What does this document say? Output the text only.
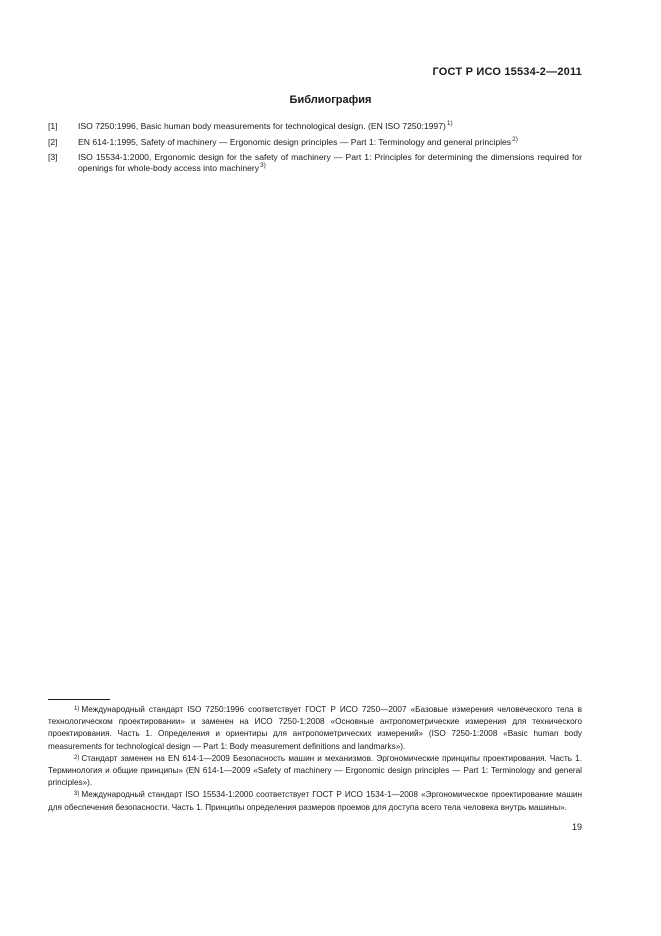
ГОСТ Р ИСО 15534-2—2011
Библиография
[1]	ISO 7250:1996, Basic human body measurements for technological design. (EN ISO 7250:1997)$^{1)}$
[2]	EN 614-1:1995, Safety of machinery — Ergonomic design principles — Part 1: Terminology and general principles$^{2)}$
[3]	ISO 15534-1:2000, Ergonomic design for the safety of machinery — Part 1: Principles for determining the dimensions required for openings for whole-body access into machinery$^{3)}$

$^{1)}$ Международный стандарт ISO 7250:1996 соответствует ГОСТ Р ИСО 7250—2007 «Базовые измерения человеческого тела в технологическом проектировании» и заменен на ИСО 7250-1:2008 «Основные антропометрические измерения для технического проектирования. Часть 1. Определения и ориентиры для антропометрических измерений» (ISO 7250-1:2008 «Basic human body measurements for technological design — Part 1: Body measurement definitions and landmarks»).

$^{2)}$ Стандарт заменен на EN 614-1—2009 Безопасность машин и механизмов. Эргономические принципы проектирования. Часть 1. Терминология и общие принципы» (EN 614-1—2009 «Safety of machinery — Ergonomic design principles — Part 1: Terminology and general principles»).

$^{3)}$ Международный стандарт ISO 15534-1:2000 соответствует ГОСТ Р ИСО 1534-1—2008 «Эргономическое проектирование машин для обеспечения безопасности. Часть 1. Принципы определения размеров проемов для доступа всего тела человека внутрь машины».

19
